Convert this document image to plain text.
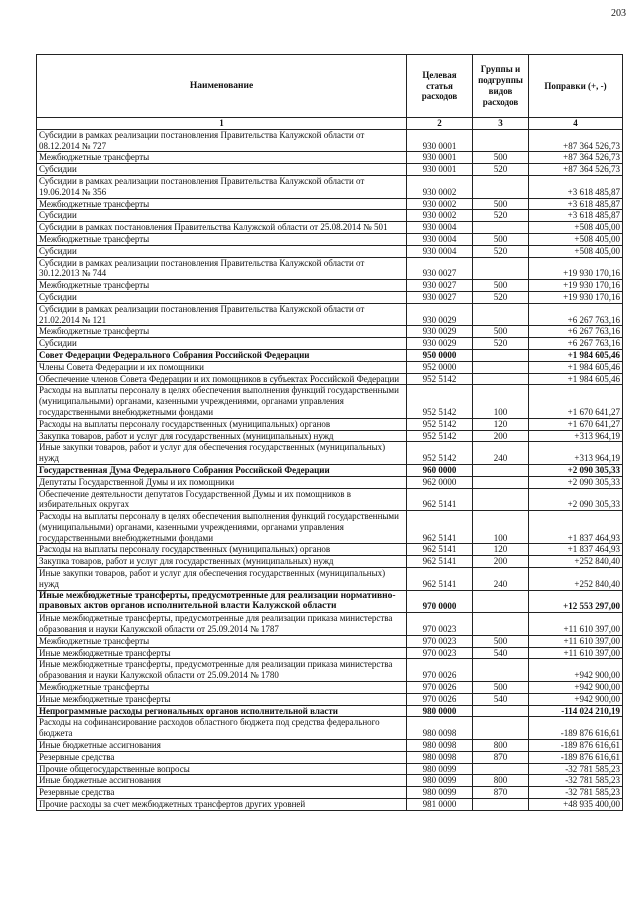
203
Наименование	Целевая статья расходов	Группы и подгруппы видов расходов	Поправки (+, -)
1	2	3	4
Субсидии в рамках реализации постановления Правительства Калужской области от 08.12.2014 № 727	930 0001		+87 364 526,73
Межбюджетные трансферты	930 0001	500	+87 364 526,73
Субсидии	930 0001	520	+87 364 526,73
Субсидии в рамках реализации постановления Правительства Калужской области от 19.06.2014 № 356	930 0002		+3 618 485,87
Межбюджетные трансферты	930 0002	500	+3 618 485,87
Субсидии	930 0002	520	+3 618 485,87
Субсидии в рамках постановления Правительства Калужской области от 25.08.2014 № 501	930 0004		+508 405,00
Межбюджетные трансферты	930 0004	500	+508 405,00
Субсидии	930 0004	520	+508 405,00
Субсидии в рамках реализации постановления Правительства Калужской области от 30.12.2013 № 744	930 0027		+19 930 170,16
Межбюджетные трансферты	930 0027	500	+19 930 170,16
Субсидии	930 0027	520	+19 930 170,16
Субсидии в рамках реализации постановления Правительства Калужской области от 21.02.2014 № 121	930 0029		+6 267 763,16
Межбюджетные трансферты	930 0029	500	+6 267 763,16
Субсидии	930 0029	520	+6 267 763,16
Совет Федерации Федерального Собрания Российской Федерации	950 0000		+1 984 605,46
Члены Совета Федерации и их помощники	952 0000		+1 984 605,46
Обеспечение членов Совета Федерации и их помощников в субъектах Российской Федерации	952 5142		+1 984 605,46
Расходы на выплаты персоналу в целях обеспечения выполнения функций государственными (муниципальными) органами, казенными учреждениями, органами управления государственными внебюджетными фондами	952 5142	100	+1 670 641,27
Расходы на выплаты персоналу государственных (муниципальных) органов	952 5142	120	+1 670 641,27
Закупка товаров, работ и услуг для государственных (муниципальных) нужд	952 5142	200	+313 964,19
Иные закупки товаров, работ и услуг для обеспечения государственных (муниципальных) нужд	952 5142	240	+313 964,19
Государственная Дума Федерального Собрания Российской Федерации	960 0000		+2 090 305,33
Депутаты Государственной Думы и их помощники	962 0000		+2 090 305,33
Обеспечение деятельности депутатов Государственной Думы и их помощников в избирательных округах	962 5141		+2 090 305,33
Расходы на выплаты персоналу в целях обеспечения выполнения функций государственными (муниципальными) органами, казенными учреждениями, органами управления государственными внебюджетными фондами	962 5141	100	+1 837 464,93
Расходы на выплаты персоналу государственных (муниципальных) органов	962 5141	120	+1 837 464,93
Закупка товаров, работ и услуг для государственных (муниципальных) нужд	962 5141	200	+252 840,40
Иные закупки товаров, работ и услуг для обеспечения государственных (муниципальных) нужд	962 5141	240	+252 840,40
Иные межбюджетные трансферты, предусмотренные для реализации нормативно-правовых актов органов исполнительной власти Калужской области	970 0000		+12 553 297,00
Иные межбюджетные трансферты, предусмотренные для реализации приказа министерства образования и науки Калужской области от 25.09.2014 № 1787	970 0023		+11 610 397,00
Межбюджетные трансферты	970 0023	500	+11 610 397,00
Иные межбюджетные трансферты	970 0023	540	+11 610 397,00
Иные межбюджетные трансферты, предусмотренные для реализации приказа министерства образования и науки Калужской области от 25.09.2014 № 1780	970 0026		+942 900,00
Межбюджетные трансферты	970 0026	500	+942 900,00
Иные межбюджетные трансферты	970 0026	540	+942 900,00
Непрограммные расходы региональных органов исполнительной власти	980 0000		-114 024 210,19
Расходы на софинансирование расходов областного бюджета под средства федерального бюджета	980 0098		-189 876 616,61
Иные бюджетные ассигнования	980 0098	800	-189 876 616,61
Резервные средства	980 0098	870	-189 876 616,61
Прочие общегосударственные вопросы	980 0099		-32 781 585,23
Иные бюджетные ассигнования	980 0099	800	-32 781 585,23
Резервные средства	980 0099	870	-32 781 585,23
Прочие расходы за счет межбюджетных трансфертов других уровней	981 0000		+48 935 400,00
